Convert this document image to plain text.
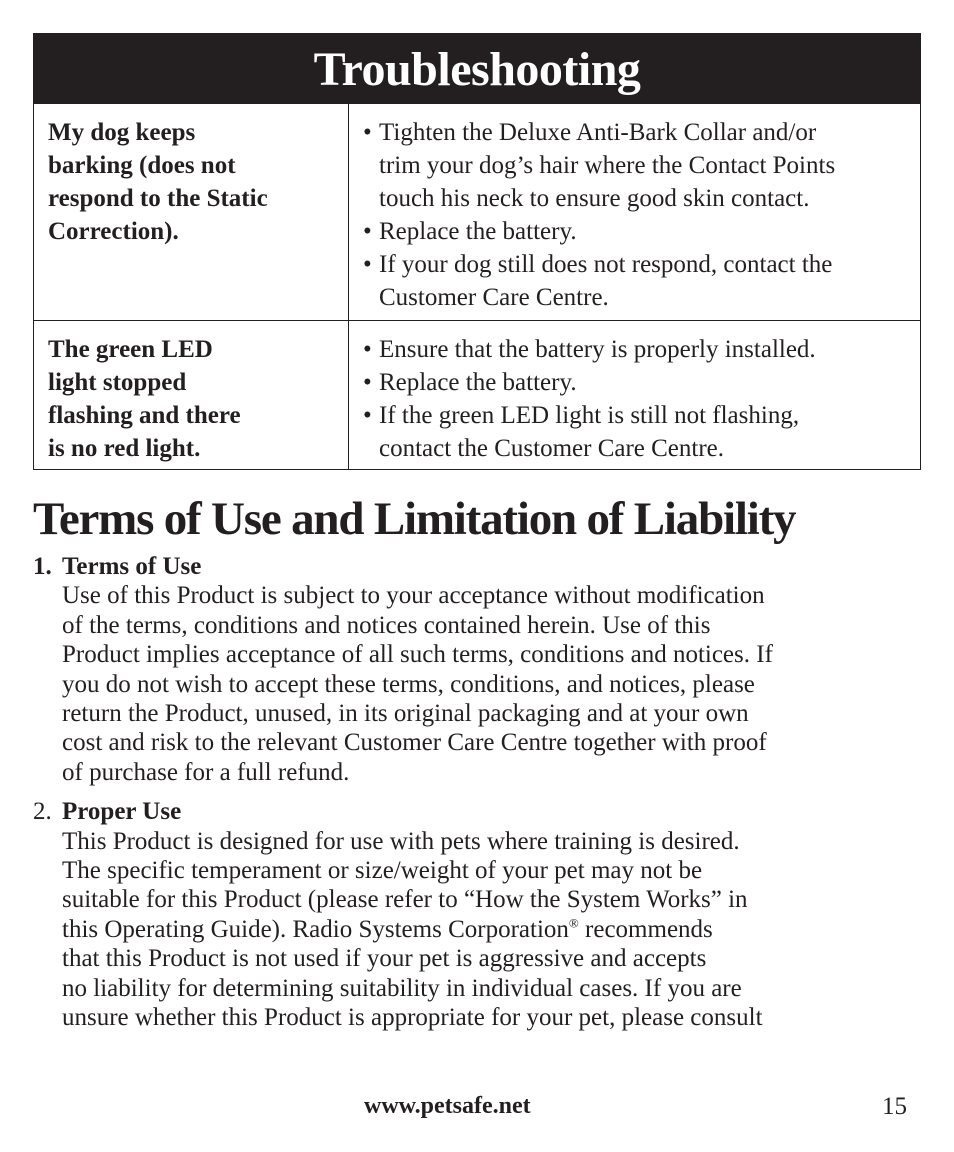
Troubleshooting
My dog keeps
barking (does not
respond to the Static
Correction).
• Tighten the Deluxe Anti-Bark Collar and/or
trim your dog’s hair where the Contact Points
touch his neck to ensure good skin contact.
• Replace the battery.
• If your dog still does not respond, contact the
Customer Care Centre.
The green LED
light stopped
flashing and there
is no red light.
• Ensure that the battery is properly installed.
• Replace the battery.
• If the green LED light is still not flashing,
contact the Customer Care Centre.
Terms of Use and Limitation of Liability
1. Terms of Use
Use of this Product is subject to your acceptance without modification
of the terms, conditions and notices contained herein. Use of this
Product implies acceptance of all such terms, conditions and notices. If
you do not wish to accept these terms, conditions, and notices, please
return the Product, unused, in its original packaging and at your own
cost and risk to the relevant Customer Care Centre together with proof
of purchase for a full refund.
2. Proper Use
This Product is designed for use with pets where training is desired.
The specific temperament or size/weight of your pet may not be
suitable for this Product (please refer to “How the System Works” in
this Operating Guide). Radio Systems Corporation® recommends
that this Product is not used if your pet is aggressive and accepts
no liability for determining suitability in individual cases. If you are
unsure whether this Product is appropriate for your pet, please consult
www.petsafe.net	15
